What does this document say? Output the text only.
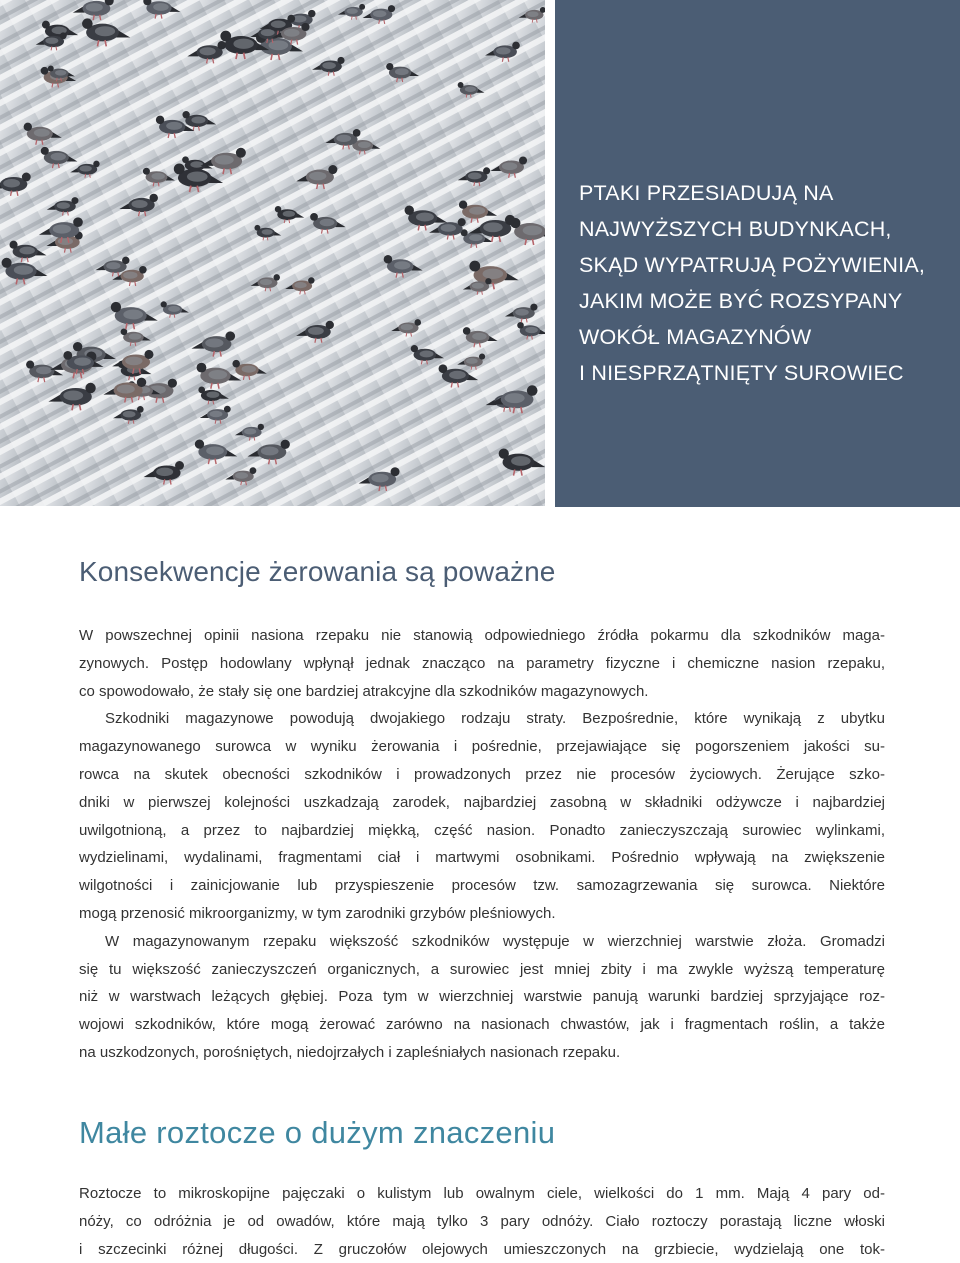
PTAKI PRZESIADUJĄ NA
NAJWYŻSZYCH BUDYNKACH,
SKĄD WYPATRUJĄ POŻYWIENIA,
JAKIM MOŻE BYĆ ROZSYPANY
WOKÓŁ MAGAZYNÓW
I NIESPRZĄTNIĘTY SUROWIEC
Konsekwencje żerowania są poważne
W powszechnej opinii nasiona rzepaku nie stanowią odpowiedniego źródła pokarmu dla szkodników maga-
zynowych. Postęp hodowlany wpłynął jednak znacząco na parametry fizyczne i chemiczne nasion rzepaku,
co spowodowało, że stały się one bardziej atrakcyjne dla szkodników magazynowych.
Szkodniki magazynowe powodują dwojakiego rodzaju straty. Bezpośrednie, które wynikają z ubytku
magazynowanego surowca w wyniku żerowania i pośrednie, przejawiające się pogorszeniem jakości su-
rowca na skutek obecności szkodników i prowadzonych przez nie procesów życiowych. Żerujące szko-
dniki w pierwszej kolejności uszkadzają zarodek, najbardziej zasobną w składniki odżywcze i najbardziej
uwilgotnioną, a przez to najbardziej miękką, część nasion. Ponadto zanieczyszczają surowiec wylinkami,
wydzielinami, wydalinami, fragmentami ciał i martwymi osobnikami. Pośrednio wpływają na zwiększenie
wilgotności i zainicjowanie lub przyspieszenie procesów tzw. samozagrzewania się surowca. Niektóre
mogą przenosić mikroorganizmy, w tym zarodniki grzybów pleśniowych.
W magazynowanym rzepaku większość szkodników występuje w wierzchniej warstwie złoża. Gromadzi
się tu większość zanieczyszczeń organicznych, a surowiec jest mniej zbity i ma zwykle wyższą temperaturę
niż w warstwach leżących głębiej. Poza tym w wierzchniej warstwie panują warunki bardziej sprzyjające roz-
wojowi szkodników, które mogą żerować zarówno na nasionach chwastów, jak i fragmentach roślin, a także
na uszkodzonych, porośniętych, niedojrzałych i zapleśniałych nasionach rzepaku.
Małe roztocze o dużym znaczeniu
Roztocze to mikroskopijne pajęczaki o kulistym lub owalnym ciele, wielkości do 1 mm. Mają 4 pary od-
nóży, co odróżnia je od owadów, które mają tylko 3 pary odnóży. Ciało roztoczy porastają liczne włoski
i szczecinki różnej długości. Z gruczołów olejowych umieszczonych na grzbiecie, wydzielają one tok-
